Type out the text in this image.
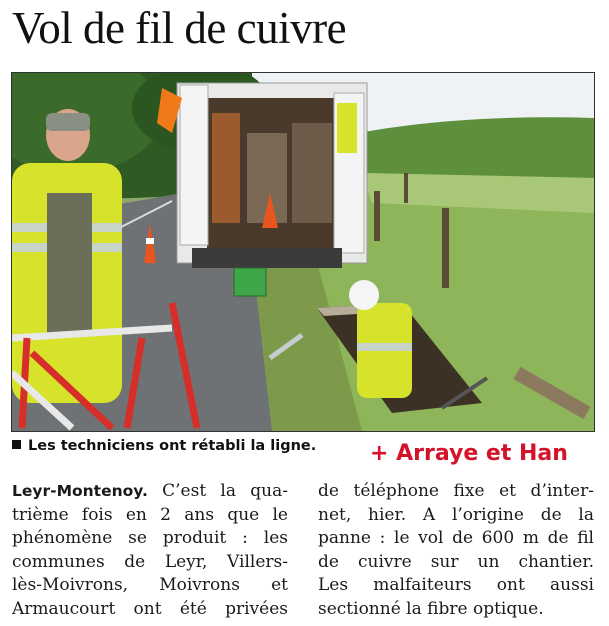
Vol de fil de cuivre
Les techniciens ont rétabli la ligne. + Arraye et Han
Leyr-Montenoy. C’est la qua-
trième fois en 2 ans que le
phénomène se produit : les
communes de Leyr, Villers-
lès-Moivrons, Moivrons et
Armaucourt ont été privées
de téléphone fixe et d’inter-
net, hier. A l’origine de la
panne : le vol de 600 m de fil
de cuivre sur un chantier.
Les malfaiteurs ont aussi
sectionné la fibre optique.
